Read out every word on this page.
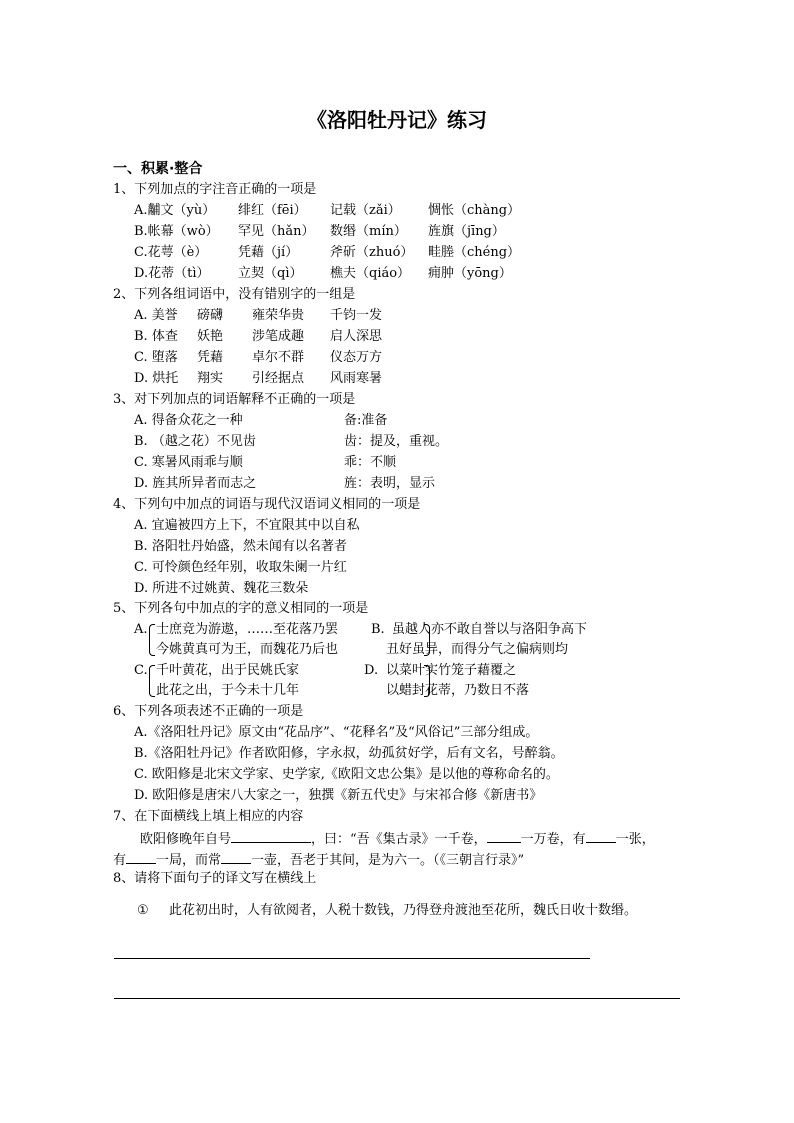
《洛阳牡丹记》练习
一、积累·整合
1、下列加点的字注音正确的一项是
A.黼文（yù） 绯红（fēi） 记载（zǎi） 惆怅（chàng）
B.帐幕（wò） 罕见（hǎn） 数缗（mín） 旌旗（jīng）
C.花萼（è） 凭藉（jí） 斧斫（zhuó） 畦塍（chéng）
D.花蒂（tì） 立契（qì） 樵夫（qiáo） 痈肿（yōng）
2、下列各组词语中，没有错别字的一组是
A. 美誉 磅礴 雍荣华贵 千钧一发
B. 体查 妖艳 涉笔成趣 启人深思
C. 堕落 凭藉 卓尔不群 仪态万方
D. 烘托 翔实 引经据点 风雨寒暑
3、对下列加点的词语解释不正确的一项是
A. 得备众花之一种	备:准备
B. （越之花）不见齿	齿：提及，重视。
C. 寒暑风雨乖与顺	乖：不顺
D. 旌其所异者而志之	旌：表明，显示
4、下列句中加点的词语与现代汉语词义相同的一项是
A. 宜遍被四方上下，不宜限其中以自私
B. 洛阳牡丹始盛，然未闻有以名著者
C. 可怜颜色经年别，收取朱阑一片红
D. 所进不过姚黄、魏花三数朵
5、下列各句中加点的字的意义相同的一项是
A. 士庶竞为游遨，……至花落乃罢
今姚黄真可为王，而魏花乃后也
B. 虽越人亦不敢自誉以与洛阳争高下
丑好虽异，而得分气之偏病则均
C. 千叶黄花，出于民姚氏家
此花之出，于今未十几年
D. 以菜叶实竹笼子藉覆之
以蜡封花蒂，乃数日不落
6、下列各项表述不正确的一项是
A.《洛阳牡丹记》原文由“花品序”、“花释名”及“风俗记”三部分组成。
B.《洛阳牡丹记》作者欧阳修，字永叔，幼孤贫好学，后有文名，号醉翁。
C. 欧阳修是北宋文学家、史学家,《欧阳文忠公集》是以他的尊称命名的。
D. 欧阳修是唐宋八大家之一，独撰《新五代史》与宋祁合修《新唐书》
7、在下面横线上填上相应的内容
欧阳修晚年自号	，曰：“吾《集古录》一千卷，	一万卷，有 一张，
有 一局，而常 一壶，吾老于其间，是为六一。（《三朝言行录》”
8、请将下面句子的译文写在横线上
① 此花初出时，人有欲阅者，人税十数钱，乃得登舟渡池至花所，魏氏日收十数缗。
